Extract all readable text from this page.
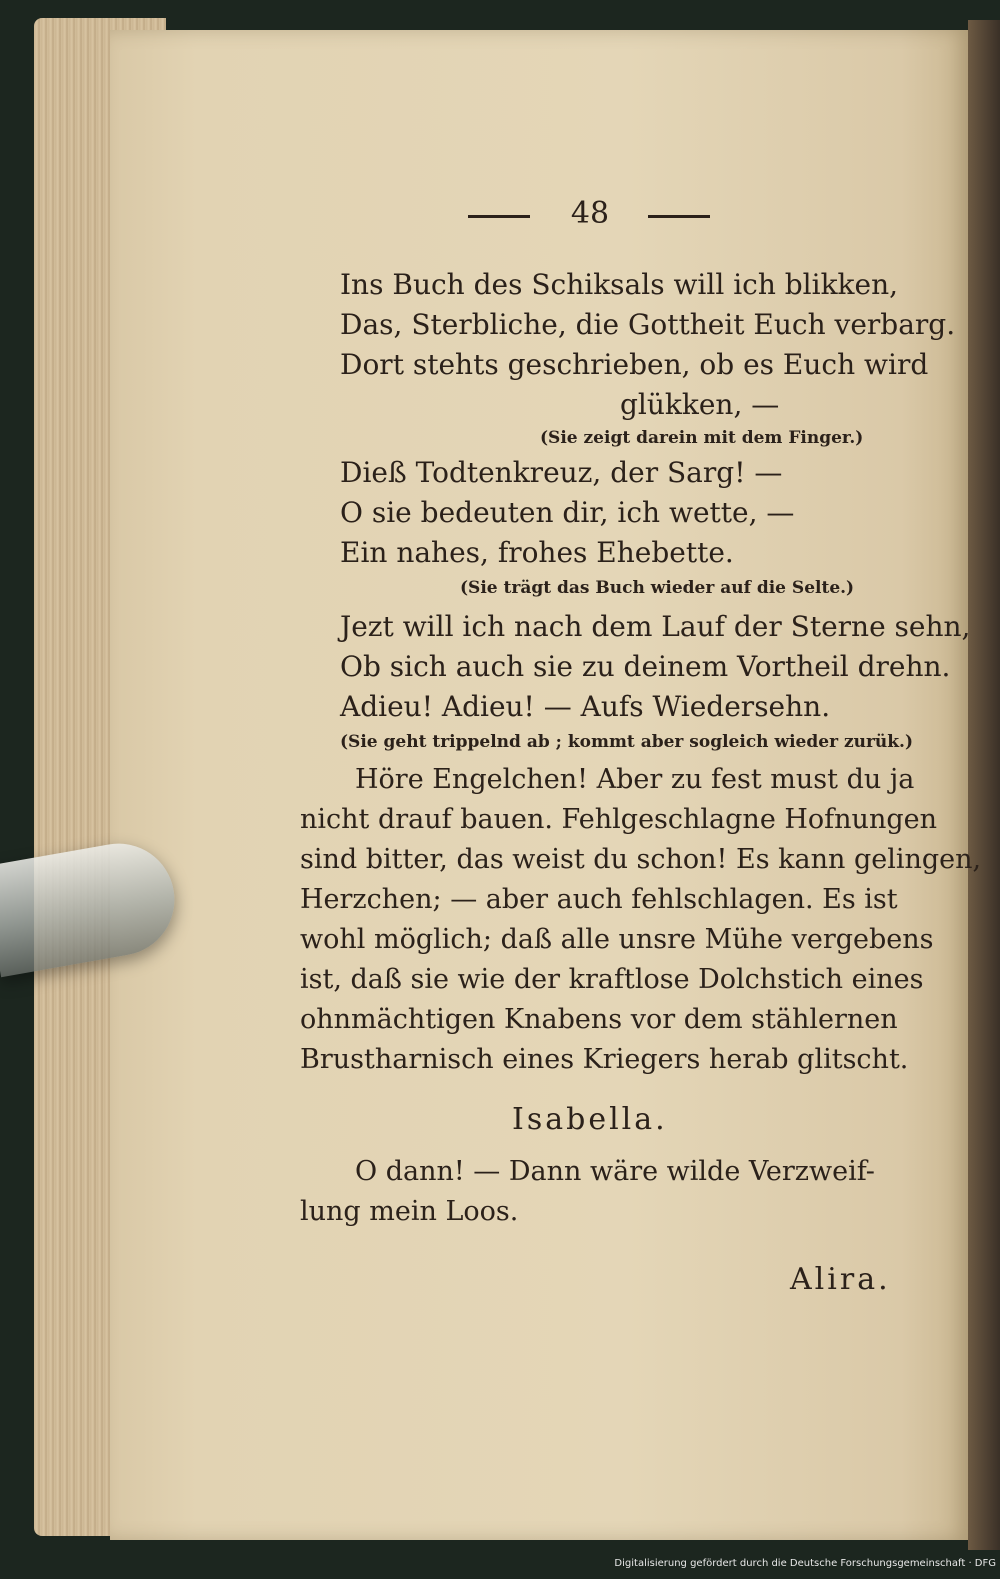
48
Ins Buch des Schiksals will ich blikken,
Das, Sterbliche, die Gottheit Euch verbarg.
Dort stehts geschrieben, ob es Euch wird
glükken, —
(Sie zeigt darein mit dem Finger.)
Dieß Todtenkreuz, der Sarg! —
O sie bedeuten dir, ich wette, —
Ein nahes, frohes Ehebette.
(Sie trägt das Buch wieder auf die Selte.)
Jezt will ich nach dem Lauf der Sterne sehn,
Ob sich auch sie zu deinem Vortheil drehn.
Adieu! Adieu! — Aufs Wiedersehn.
(Sie geht trippelnd ab ; kommt aber sogleich wieder zurük.)
Höre Engelchen! Aber zu fest must du ja
nicht drauf bauen. Fehlgeschlagne Hofnungen
sind bitter, das weist du schon! Es kann gelingen,
Herzchen; — aber auch fehlschlagen. Es ist
wohl möglich; daß alle unsre Mühe vergebens
ist, daß sie wie der kraftlose Dolchstich eines
ohnmächtigen Knabens vor dem stählernen
Brustharnisch eines Kriegers herab glitscht.
Isabella.
O dann! — Dann wäre wilde Verzweif-
lung mein Loos.
Alira.
Digitalisierung gefördert durch die Deutsche Forschungsgemeinschaft · DFG
